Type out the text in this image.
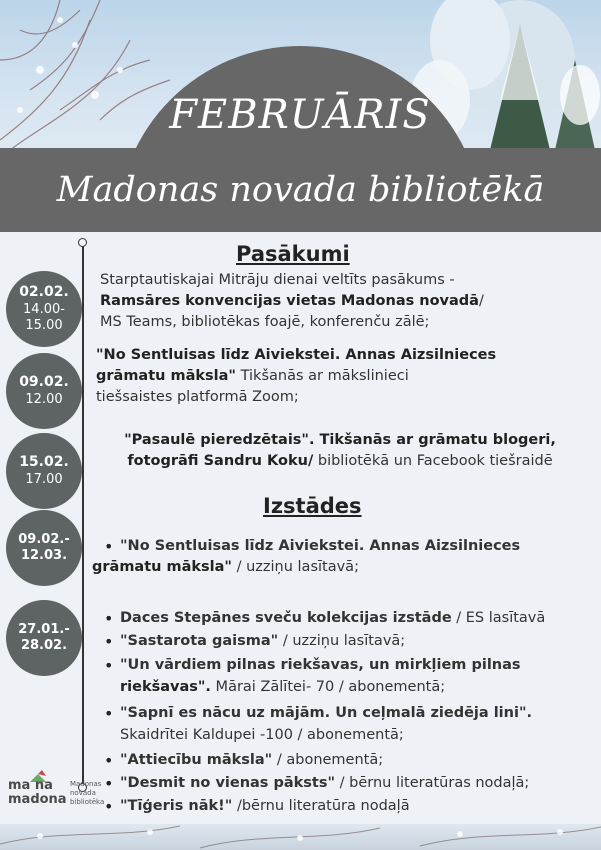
FEBRUĀRIS
Madonas novada bibliotēkā
Pasākumi
02.02.
14.00-
15.00
Starptautiskajai Mitrāju dienai veltīts pasākums -
Ramsāres konvencijas vietas Madonas novadā/
MS Teams, bibliotēkas foajē, konferenču zālē;
09.02.
12.00
"No Sentluisas līdz Aiviekstei. Annas Aizsilnieces
grāmatu māksla" Tikšanās ar mākslinieci
tiešsaistes platformā Zoom;
15.02.
17.00
"Pasaulē pieredzētais". Tikšanās ar grāmatu blogeri,
fotogrāfi Sandru Koku/ bibliotēkā un Facebook tiešraidē
Izstādes
09.02.-
12.03.
• "No Sentluisas līdz Aiviekstei. Annas Aizsilnieces
grāmatu māksla" / uzziņu lasītavā;
27.01.-
28.02.
• Daces Stepānes sveču kolekcijas izstāde / ES lasītavā
• "Sastarota gaisma" / uzziņu lasītavā;
• "Un vārdiem pilnas riekšavas, un mirkļiem pilnas
riekšavas". Mārai Zālītei- 70 / abonementā;
• "Sapnī es nācu uz mājām. Un ceļmalā ziedēja lini".
Skaidrītei Kaldupei -100 / abonementā;
• "Attiecību māksla" / abonementā;
• "Desmit no vienas pāksts" / bērnu literatūras nodaļā;
• "Tīģeris nāk!" /bērnu literatūra nodaļā
ma na
madona
Madonas
novada
bibliotēka
